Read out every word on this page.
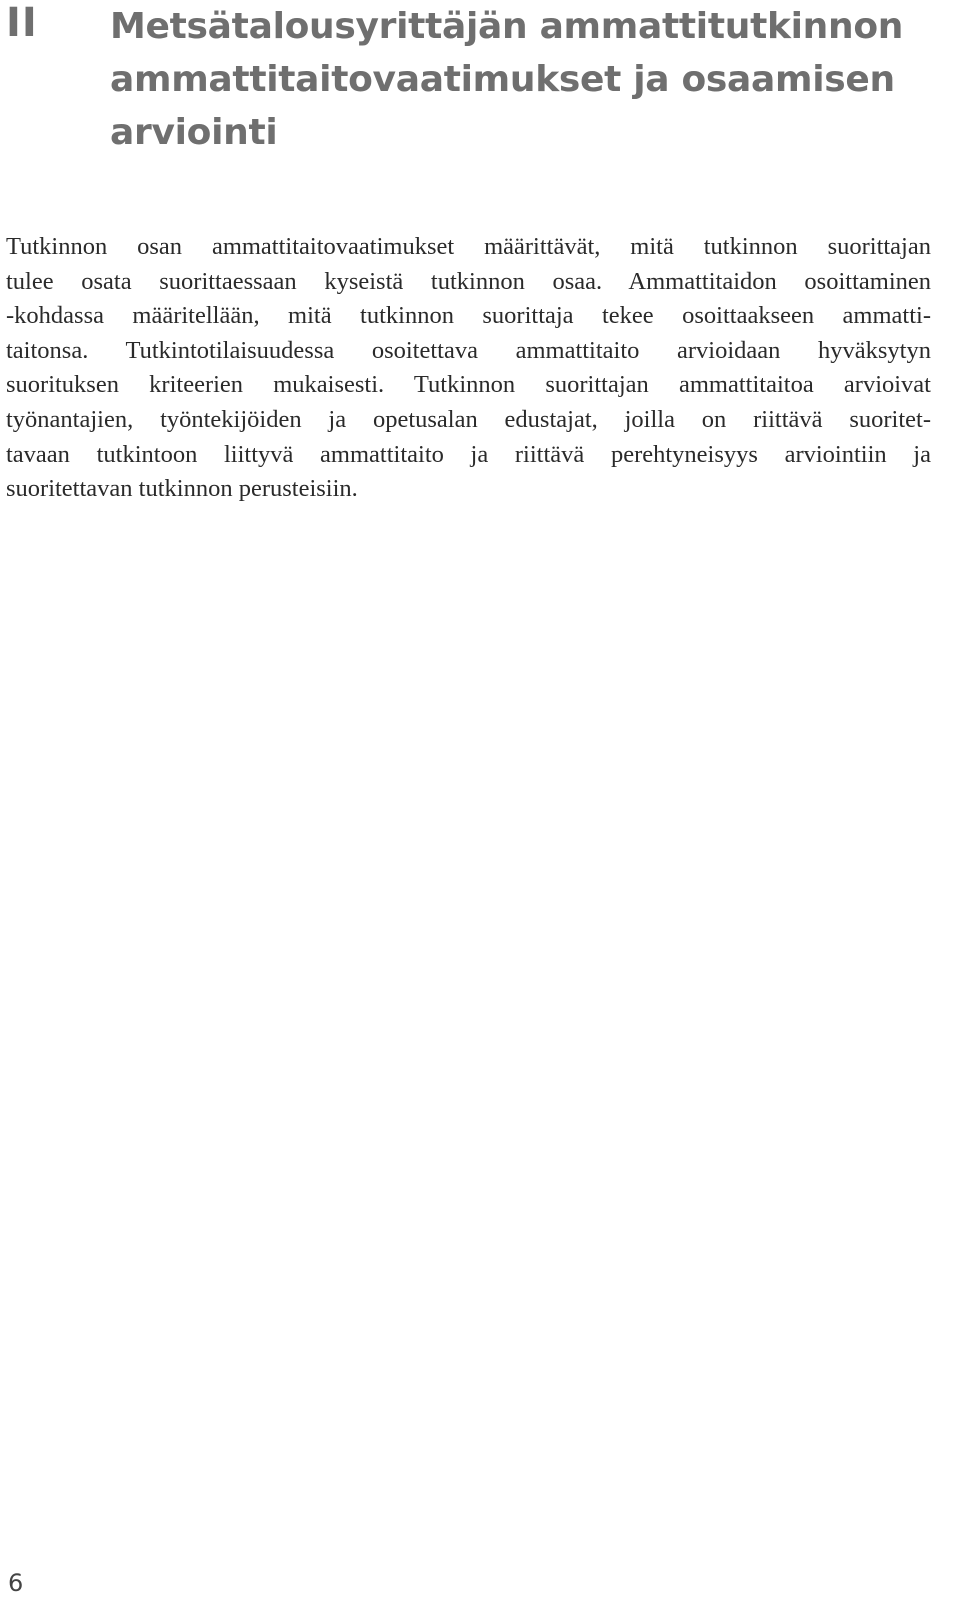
II Metsätalousyrittäjän ammattitutkinnon
ammattitaitovaatimukset ja osaamisen
arviointi

Tutkinnon osan ammattitaitovaatimukset määrittävät, mitä tutkinnon suorittajan
tulee osata suorittaessaan kyseistä tutkinnon osaa. Ammattitaidon osoittaminen
-kohdassa määritellään, mitä tutkinnon suorittaja tekee osoittaakseen ammatti-
taitonsa. Tutkintotilaisuudessa osoitettava ammattitaito arvioidaan hyväksytyn
suorituksen kriteerien mukaisesti. Tutkinnon suorittajan ammattitaitoa arvioivat
työnantajien, työntekijöiden ja opetusalan edustajat, joilla on riittävä suoritet-
tavaan tutkintoon liittyvä ammattitaito ja riittävä perehtyneisyys arviointiin ja
suoritettavan tutkinnon perusteisiin.

6
